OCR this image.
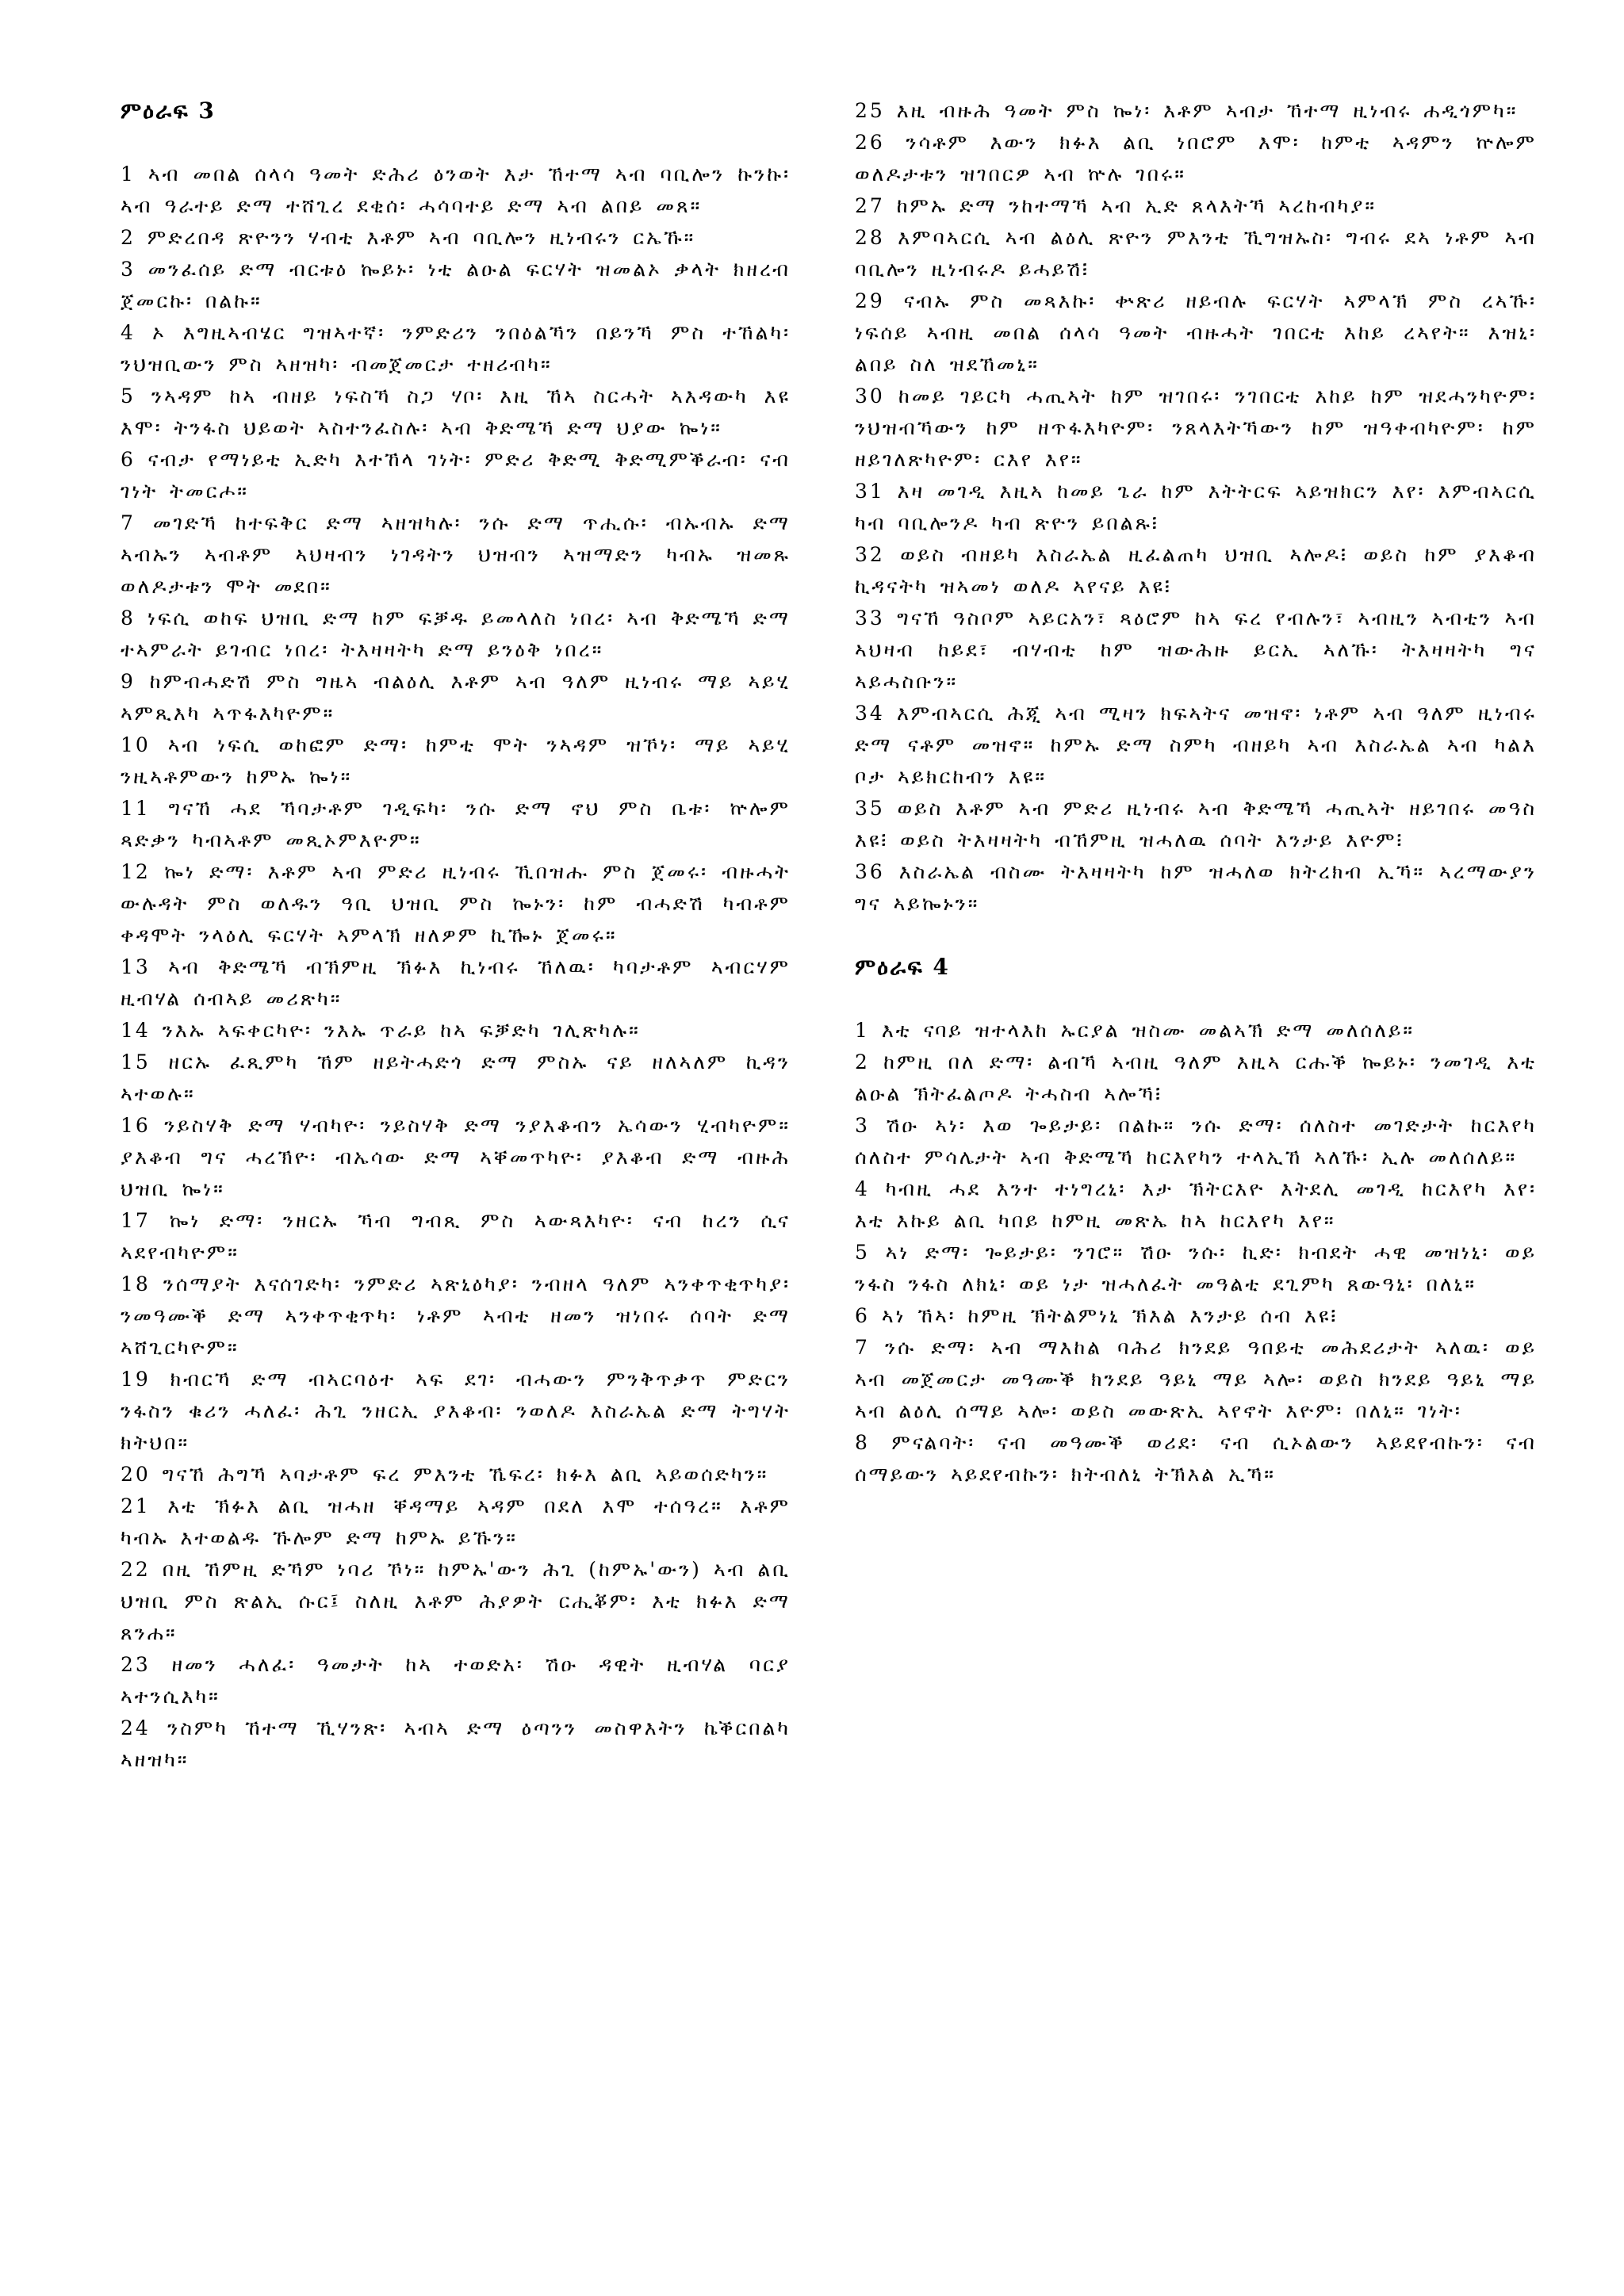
ምዕራፍ 3

1 ኣብ መበል ሰላሳ ዓመት ድሕሪ ዕንወት እታ ኸተማ ኣብ ባቢሎን ኩንኩ፡ ኣብ ዓራተይ ድማ ተሸጊረ ደቂሰ፡ ሓሳባተይ ድማ ኣብ ልበይ መጸ።

2 ምድረበዳ ጽዮንን ሃብቲ እቶም ኣብ ባቢሎን ዚነብሩን ርኤኹ።

3 መንፈሰይ ድማ ብርቱዕ ኰይኑ፡ ነቲ ልዑል ፍርሃት ዝመልኦ ቃላት ክዘረብ ጀመርኩ፡ በልኩ።

4 ኦ እግዚኣብሄር ግዝኣተኛ፡ ንምድሪን ንበዕልኻን በይንኻ ምስ ተኸልካ፡ ንህዝቢውን ምስ ኣዘዝካ፡ ብመጀመርታ ተዘሪብካ።

5 ንኣዳም ከኣ ብዘይ ነፍስኻ ስጋ ሃቦ፡ እዚ ኸኣ ስርሓት ኣእዳውካ እዩ እሞ፡ ትንፋስ ህይወት ኣስተንፈስሉ፡ ኣብ ቅድሜኻ ድማ ህያው ኰነ።

6 ናብታ የማነይቲ ኢድካ እተኸላ ገነት፡ ምድሪ ቅድሚ ቅድሚምቕራብ፡ ናብ ገነት ትመርሖ።

7 መገድኻ ከተፍቅር ድማ ኣዘዝካሉ፡ ንሱ ድማ ጥሒሱ፡ ብኡብኡ ድማ ኣብኡን ኣብቶም ኣህዛብን ነገዳትን ህዝብን ኣዝማድን ካብኡ ዝመጹ ወለዶታቱን ሞት መደበ።

8 ነፍሲ ወከፍ ህዝቢ ድማ ከም ፍቓዱ ይመላለስ ነበረ፡ ኣብ ቅድሜኻ ድማ ተኣምራት ይገብር ነበረ፡ ትእዛዛትካ ድማ ይንዕቅ ነበረ።

9 ከምብሓድሽ ምስ ግዜኣ ብልዕሊ እቶም ኣብ ዓለም ዚነብሩ ማይ ኣይሂ ኣምጺእካ ኣጥፋእካዮም።

10 ኣብ ነፍሲ ወከፎም ድማ፡ ከምቲ ሞት ንኣዳም ዝኾነ፡ ማይ ኣይሂ ንዚኣቶምውን ከምኡ ኰነ።

11 ግናኸ ሓደ ኻባታቶም ገዲፍካ፡ ንሱ ድማ ኖህ ምስ ቤቱ፡ ኵሎም ጻድቃን ካብኣቶም መጺኦምእዮም።

12 ኰነ ድማ፡ እቶም ኣብ ምድሪ ዚነብሩ ኺበዝሑ ምስ ጀመሩ፡ ብዙሓት ውሉዳት ምስ ወለዱን ዓቢ ህዝቢ ምስ ኰኑን፡ ከም ብሓድሽ ካብቶም ቀዳሞት ንላዕሊ ፍርሃት ኣምላኽ ዘለዎም ኪዀኑ ጀመሩ።

13 ኣብ ቅድሜኻ ብኽምዚ ኽፉእ ኪነብሩ ኸለዉ፡ ካባታቶም ኣብርሃም ዚብሃል ሰብኣይ መሪጽካ።

14 ንእኡ ኣፍቀርካዮ፡ ንእኡ ጥራይ ከኣ ፍቓድካ ገሊጽካሉ።

15 ዘርኡ ፈጺምካ ኸም ዘይትሓድጎ ድማ ምስኡ ናይ ዘለኣለም ኪዳን ኣተወሉ።

16 ንይስሃቅ ድማ ሃብካዮ፡ ንይስሃቅ ድማ ንያእቆብን ኤሳውን ሂብካዮም። ያእቆብ ግና ሓረኽዮ፡ ብኤሳው ድማ ኣቐመጥካዮ፡ ያእቆብ ድማ ብዙሕ ህዝቢ ኰነ።

17 ኰነ ድማ፡ ንዘርኡ ኻብ ግብጺ ምስ ኣውጻእካዮ፡ ናብ ከረን ሲና ኣደየብካዮም።

18 ንሰማያት እናሰገድካ፡ ንምድሪ ኣጽኒዕካያ፡ ንብዘላ ዓለም ኣንቀጥቂጥካያ፡ ንመዓሙቕ ድማ ኣንቀጥቂጥካ፡ ነቶም ኣብቲ ዘመን ዝነበሩ ሰባት ድማ ኣሸጊርካዮም።

19 ክብርኻ ድማ ብኣርባዕተ ኣፍ ደገ፡ ብሓውን ምንቅጥቃጥ ምድርን ንፋስን ቁሪን ሓለፈ፡ ሕጊ ንዘርኢ ያእቆብ፡ ንወለዶ እስራኤል ድማ ትግሃት ክትህበ።

20 ግናኸ ሕግኻ ኣባታቶም ፍረ ምእንቲ ኼፍረ፡ ክፉእ ልቢ ኣይወሰድካን።

21 እቲ ኽፉእ ልቢ ዝሓዘ ቐዳማይ ኣዳም በደለ እሞ ተሰዓረ። እቶም ካብኡ እተወልዱ ኹሎም ድማ ከምኡ ይኹን።

22 በዚ ኸምዚ ድኻም ነባሪ ኾነ። ከምኡ'ውን ሕጊ (ከምኡ'ውን) ኣብ ልቢ ህዝቢ ምስ ጽልኢ ሱር፤ ስለዚ እቶም ሕያዎት ርሒቖም፡ እቲ ክፉእ ድማ ጸንሐ።

23 ዘመን ሓለፈ፡ ዓመታት ከኣ ተወድአ፡ ሽዑ ዳዊት ዚብሃል ባርያ ኣተንሲእካ።

24 ንስምካ ኸተማ ኺሃንጽ፡ ኣብኣ ድማ ዕጣንን መስዋእትን ኬቕርበልካ ኣዘዝካ።

25 እዚ ብዙሕ ዓመት ምስ ኰነ፡ እቶም ኣብታ ኸተማ ዚነብሩ ሐዲጎምካ።

26 ንሳቶም እውን ክፉእ ልቢ ነበሮም እሞ፡ ከምቲ ኣዳምን ኵሎም ወለዶታቱን ዝገበርዎ ኣብ ኵሉ ገበሩ።

27 ከምኡ ድማ ንከተማኻ ኣብ ኢድ ጸላእትኻ ኣረከብካያ።

28 እምባኣርሲ ኣብ ልዕሊ ጽዮን ምእንቲ ኺግዝኡስ፡ ግብሩ ደኣ ነቶም ኣብ ባቢሎን ዚነብሩዶ ይሓይሽ፧

29 ናብኡ ምስ መጻእኩ፡ ቍጽሪ ዘይብሉ ፍርሃት ኣምላኽ ምስ ረኣኹ፡ ነፍሰይ ኣብዚ መበል ሰላሳ ዓመት ብዙሓት ገበርቲ እከይ ረኣየት። እዝኒ፡ ልበይ ስለ ዝደኸመኒ።

30 ከመይ ገይርካ ሓጢኣት ከም ዝገበሩ፡ ንገበርቲ እከይ ከም ዝደሓንካዮም፡ ንህዝብኻውን ከም ዘጥፋእካዮም፡ ንጸላእትኻውን ከም ዝዓቀብካዮም፡ ከም ዘይገለጽካዮም፡ ርእየ እየ።

31 እዛ መገዲ እዚኣ ከመይ ጌራ ከም እትትርፍ ኣይዝክርን እየ፡ እምብኣርሲ ካብ ባቢሎንዶ ካብ ጽዮን ይበልጹ፧

32 ወይስ ብዘይካ እስራኤል ዚፈልጠካ ህዝቢ ኣሎዶ፧ ወይስ ከም ያእቆብ ኪዳናትካ ዝኣመነ ወለዶ ኣየናይ እዩ፧

33 ግናኸ ዓስቦም ኣይርአን፣ ጻዕሮም ከኣ ፍረ የብሉን፣ ኣብዚን ኣብቲን ኣብ ኣህዛብ ከይደ፣ ብሃብቲ ከም ዝውሕዙ ይርኢ ኣለኹ፡ ትእዛዛትካ ግና ኣይሓስቡን።

34 እምብኣርሲ ሕጂ ኣብ ሚዛን ክፍኣትና መዝኖ፡ ነቶም ኣብ ዓለም ዚነብሩ ድማ ናቶም መዝኖ። ከምኡ ድማ ስምካ ብዘይካ ኣብ እስራኤል ኣብ ካልእ ቦታ ኣይክርከብን እዩ።

35 ወይስ እቶም ኣብ ምድሪ ዚነብሩ ኣብ ቅድሜኻ ሓጢኣት ዘይገበሩ መዓስ እዩ፧ ወይስ ትእዛዛትካ ብኸምዚ ዝሓለዉ ሰባት እንታይ እዮም፧

36 እስራኤል ብስሙ ትእዛዛትካ ከም ዝሓለወ ክትረክብ ኢኻ። ኣረማውያን ግና ኣይኰኑን።

ምዕራፍ 4

1 እቲ ናባይ ዝተላእከ ኡርያል ዝስሙ መልኣኽ ድማ መለሰለይ።

2 ከምዚ በለ ድማ፡ ልብኻ ኣብዚ ዓለም እዚኣ ርሑቕ ኰይኑ፡ ንመገዲ እቲ ልዑል ኽትፈልጦዶ ትሓስብ ኣሎኻ፧

3 ሽዑ ኣነ፡ እወ ጐይታይ፡ በልኩ። ንሱ ድማ፡ ሰለስተ መገድታት ከርእየካ ሰለስተ ምሳሌታት ኣብ ቅድሜኻ ከርእየካን ተላኢኸ ኣለኹ፡ ኢሉ መለሰለይ።

4 ካብዚ ሓደ እንተ ተነግረኒ፡ እታ ኽትርእዮ እትደሊ መገዲ ከርእየካ እየ፡ እቲ እኩይ ልቢ ካበይ ከምዚ መጽኤ ከኣ ከርእየካ እየ።

5 ኣነ ድማ፡ ጐይታይ፡ ንገሮ። ሽዑ ንሱ፡ ኪድ፡ ክብደት ሓዊ መዝነኒ፡ ወይ ንፋስ ንፋስ ለክኒ፡ ወይ ነታ ዝሓለፈት መዓልቲ ደጊምካ ጸውዓኒ፡ በለኒ።

6 ኣነ ኸኣ፡ ከምዚ ኽትልምነኒ ኽእል እንታይ ሰብ እዩ፧

7 ንሱ ድማ፡ ኣብ ማእከል ባሕሪ ክንደይ ዓበይቲ መሕደሪታት ኣለዉ፡ ወይ ኣብ መጀመርታ መዓሙቕ ክንደይ ዓይኒ ማይ ኣሎ፡ ወይስ ክንደይ ዓይኒ ማይ ኣብ ልዕሊ ሰማይ ኣሎ፡ ወይስ መውጽኢ ኣየኖት እዮም፡ በለኒ። ገነት፡

8 ምናልባት፡ ናብ መዓሙቕ ወሪደ፡ ናብ ሲኦልውን ኣይደየብኩን፡ ናብ ሰማይውን ኣይደየብኩን፡ ክትብለኒ ትኽእል ኢኻ።
